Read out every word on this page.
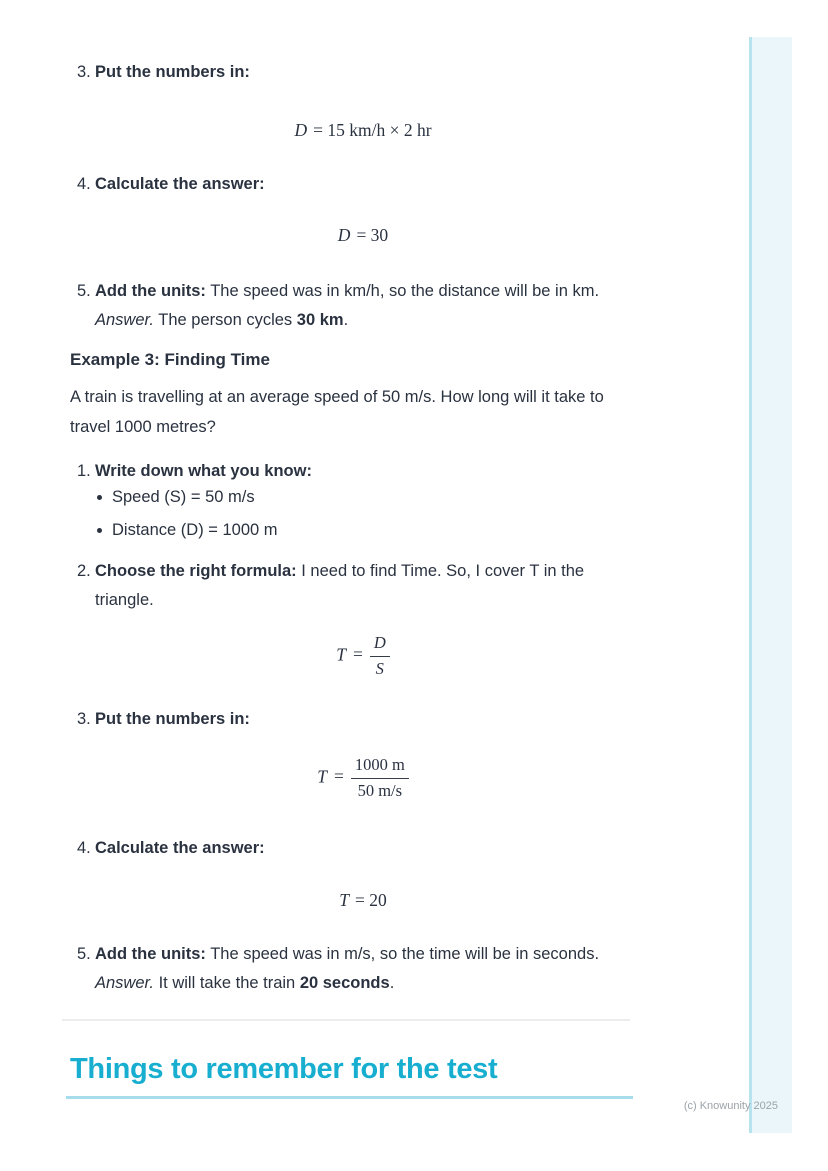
3. Put the numbers in:
D = 15 km/h × 2 hr
4. Calculate the answer:
D = 30
5. Add the units: The speed was in km/h, so the distance will be in km.
Answer. The person cycles 30 km.
Example 3: Finding Time
A train is travelling at an average speed of 50 m/s. How long will it take to travel 1000 metres?
1. Write down what you know:
Speed (S) = 50 m/s
Distance (D) = 1000 m
2. Choose the right formula: I need to find Time. So, I cover T in the triangle.
$T = \frac{D}{S}$
3. Put the numbers in:
$T = \frac{1000 m}{50 m/s}$
4. Calculate the answer:
T = 20
5. Add the units: The speed was in m/s, so the time will be in seconds.
Answer. It will take the train 20 seconds.
Things to remember for the test
(c) Knowunity 2025
